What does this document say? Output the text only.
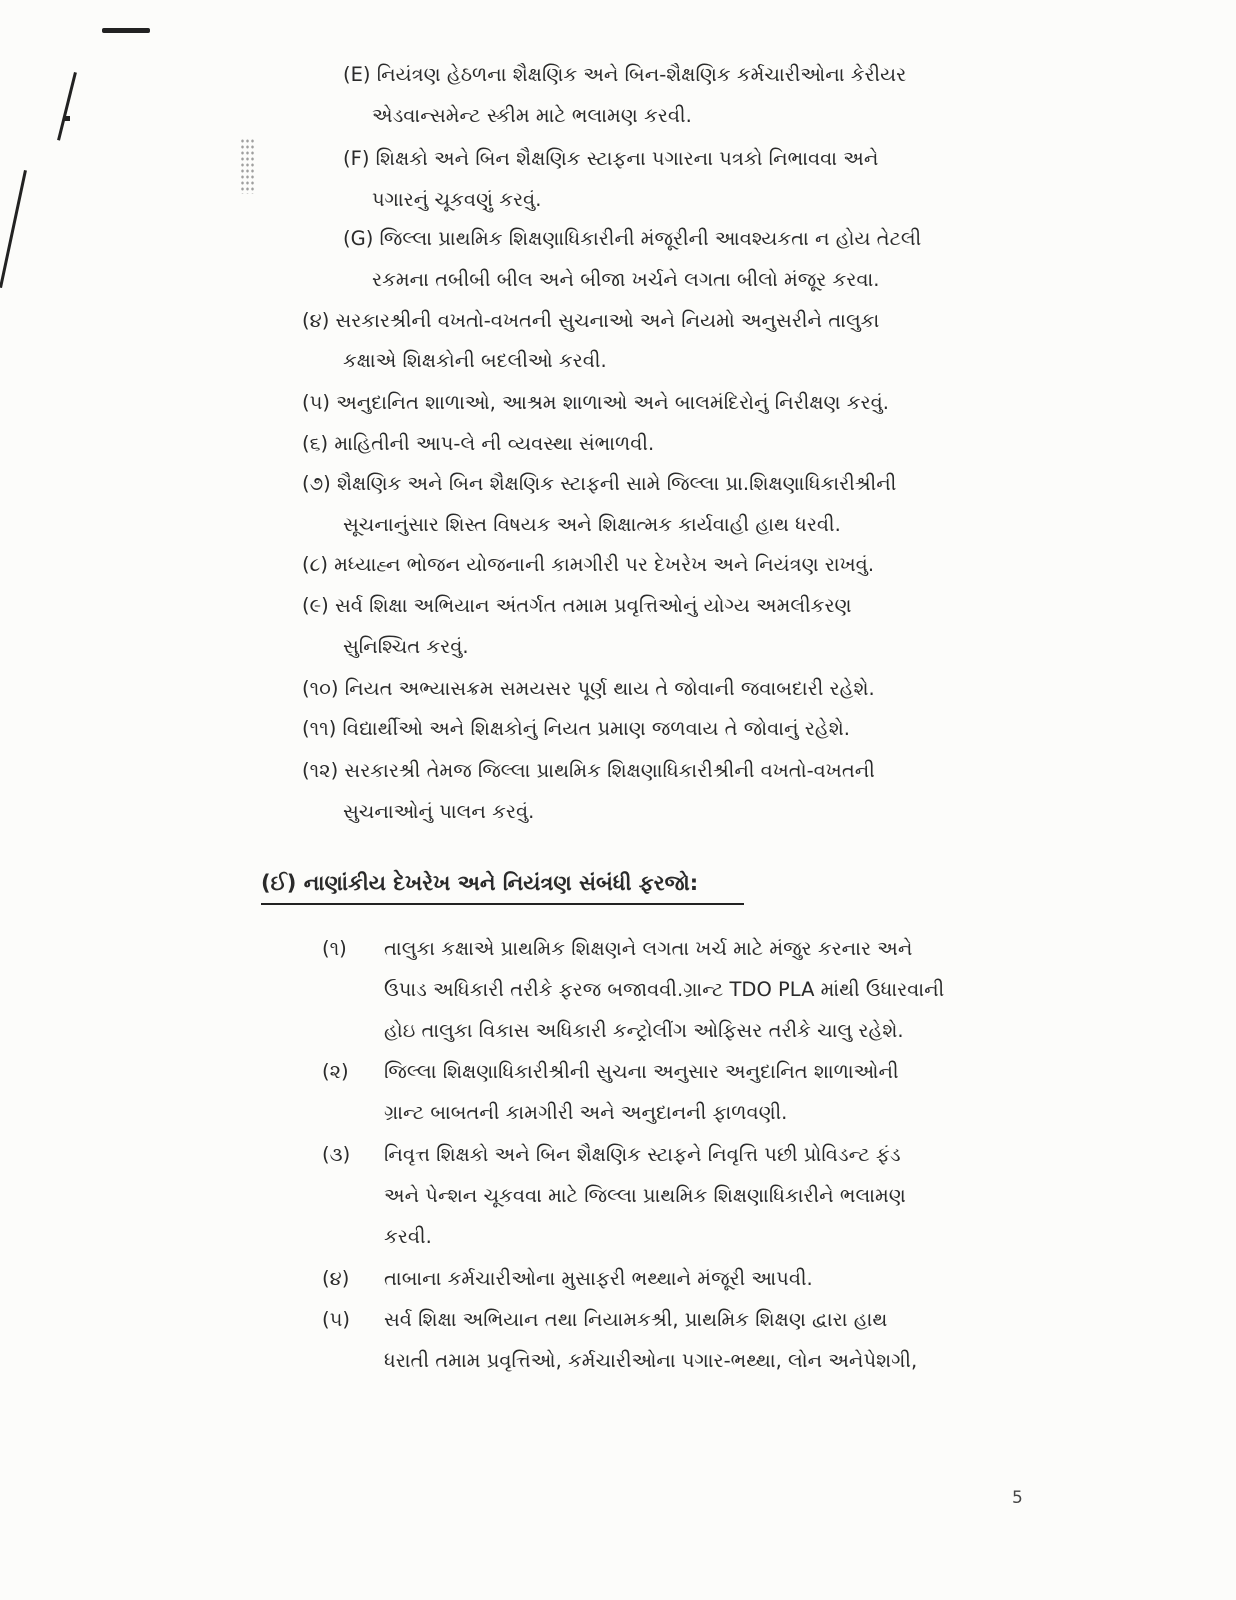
(E) નિયંત્રણ હેઠળના શૈક્ષણિક અને બિન-શૈક્ષણિક કર્મચારીઓના કેરીયર
એડવાન્સમેન્ટ સ્કીમ માટે ભલામણ કરવી.
(F) શિક્ષકો અને બિન શૈક્ષણિક સ્ટાફના પગારના પત્રકો નિભાવવા અને
પગારનું ચૂકવણું કરવું.
(G) જિલ્લા પ્રાથમિક શિક્ષણાધિકારીની મંજૂરીની આવશ્યકતા ન હોય તેટલી
રકમના તબીબી બીલ અને બીજા ખર્ચને લગતા બીલો મંજૂર કરવા.
(૪) સરકારશ્રીની વખતો-વખતની સુચનાઓ અને નિયમો અનુસરીને તાલુકા
કક્ષાએ શિક્ષકોની બદલીઓ કરવી.
(૫) અનુદાનિત શાળાઓ, આશ્રમ શાળાઓ અને બાલમંદિરોનું નિરીક્ષણ કરવું.
(૬) માહિતીની આપ-લે ની વ્યવસ્થા સંભાળવી.
(૭) શૈક્ષણિક અને બિન શૈક્ષણિક સ્ટાફની સામે જિલ્લા પ્રા.શિક્ષણાધિકારીશ્રીની
સૂચનાનુંસાર શિસ્ત વિષયક અને શિક્ષાત્મક કાર્યવાહી હાથ ધરવી.
(૮) મધ્યાહ્ન ભોજન યોજનાની કામગીરી પર દેખરેખ અને નિયંત્રણ રાખવું.
(૯) સર્વ શિક્ષા અભિયાન અંતર્ગત તમામ પ્રવૃત્તિઓનું યોગ્ય અમલીકરણ
સુનિશ્ચિત કરવું.
(૧૦) નિયત અભ્યાસક્રમ સમયસર પૂર્ણ થાય તે જોવાની જવાબદારી રહેશે.
(૧૧) વિદ્યાર્થીઓ અને શિક્ષકોનું નિયત પ્રમાણ જળવાય તે જોવાનું રહેશે.
(૧૨) સરકારશ્રી તેમજ જિલ્લા પ્રાથમિક શિક્ષણાધિકારીશ્રીની વખતો-વખતની
સુચનાઓનું પાલન કરવું.
(ઈ) નાણાંકીય દેખરેખ અને નિયંત્રણ સંબંધી ફરજો:
(૧) તાલુકા કક્ષાએ પ્રાથમિક શિક્ષણને લગતા ખર્ચ માટે મંજુર કરનાર અને
ઉપાડ અધિકારી તરીકે ફરજ બજાવવી.ગ્રાન્ટ TDO PLA માંથી ઉધારવાની
હોઇ તાલુકા વિકાસ અધિકારી કન્ટ્રોલીંગ ઓફિસર તરીકે ચાલુ રહેશે.
(૨) જિલ્લા શિક્ષણાધિકારીશ્રીની સુચના અનુસાર અનુદાનિત શાળાઓની
ગ્રાન્ટ બાબતની કામગીરી અને અનુદાનની ફાળવણી.
(૩) નિવૃત્ત શિક્ષકો અને બિન શૈક્ષણિક સ્ટાફને નિવૃત્તિ પછી પ્રોવિડન્ટ ફંડ
અને પેન્શન ચૂકવવા માટે જિલ્લા પ્રાથમિક શિક્ષણાધિકારીને ભલામણ
કરવી.
(૪) તાબાના કર્મચારીઓના મુસાફરી ભથ્થાને મંજૂરી આપવી.
(૫) સર્વ શિક્ષા અભિયાન તથા નિયામકશ્રી, પ્રાથમિક શિક્ષણ દ્વારા હાથ
ધરાતી તમામ પ્રવૃત્તિઓ, કર્મચારીઓના પગાર-ભથ્થા, લોન અનેપેશગી,
5
